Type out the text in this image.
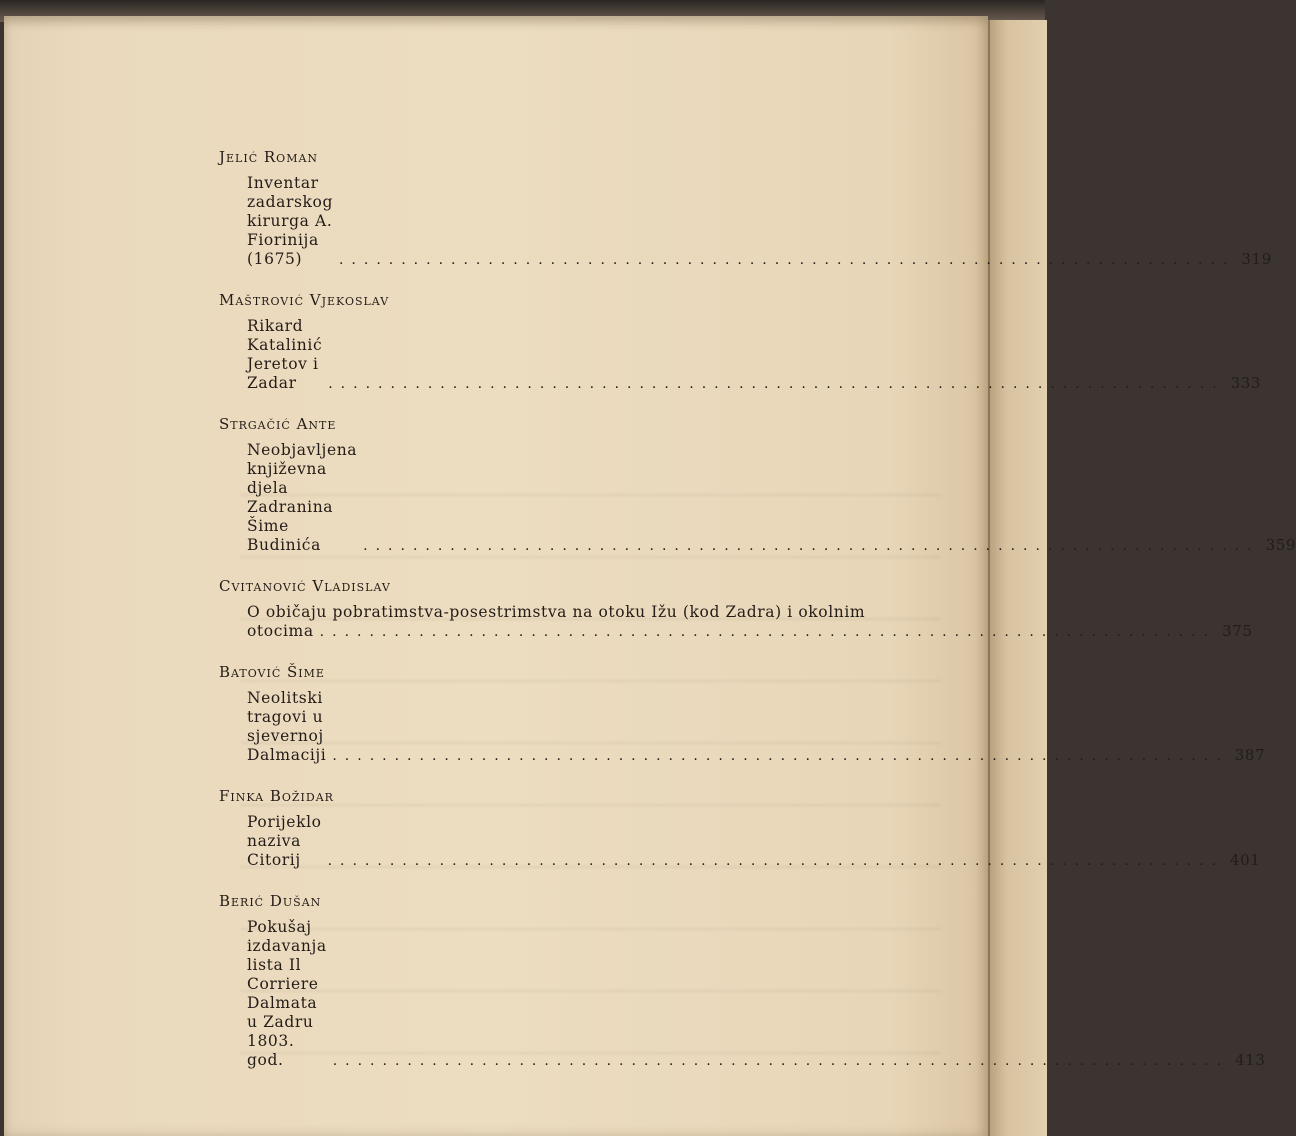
Jelić Roman
Inventar zadarskog kirurga A. Fiorinija (1675)	........................................................................ 319
Maštrović Vjekoslav
Rikard Katalinić Jeretov i Zadar	........................................................................ 333
Strgačić Ante
Neobjavljena književna djela Zadranina Šime Budinića	........................................................................ 359
Cvitanović Vladislav
O običaju pobratimstva-posestrimstva na otoku Ižu (kod Zadra) i okolnim
otocima ........................................................................ 375
Batović Šime
Neolitski tragovi u sjevernoj Dalmaciji ........................................................................ 387
Finka Božidar
Porijeklo naziva Citorij	........................................................................ 401
Berić Dušan
Pokušaj izdavanja lista Il Corriere Dalmata u Zadru 1803. god.	........................................................................ 413
